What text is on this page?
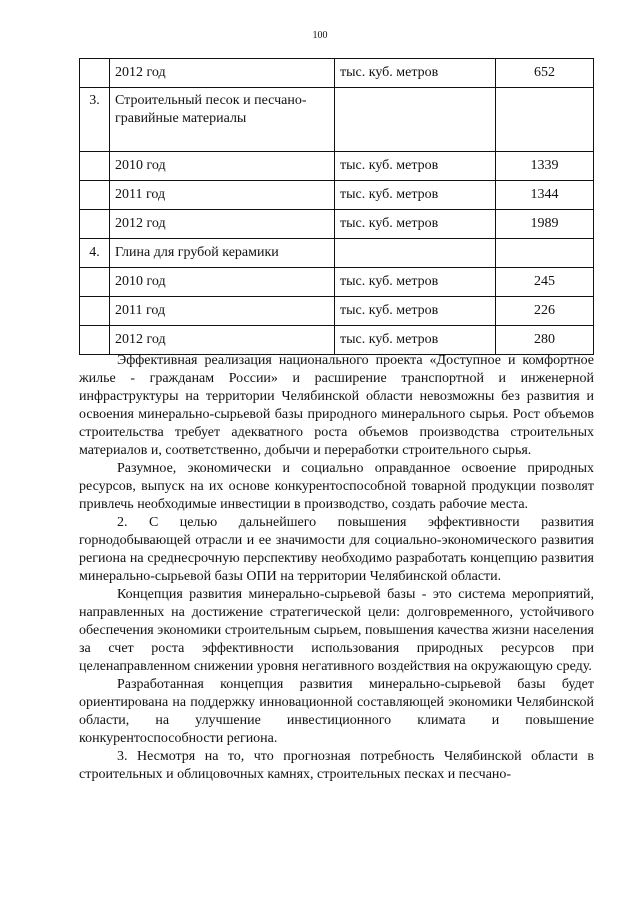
100
	2012 год	тыс. куб. метров	652
3.	Строительный песок и песчано-гравийные материалы		
	2010 год	тыс. куб. метров	1339
	2011 год	тыс. куб. метров	1344
	2012 год	тыс. куб. метров	1989
4.	Глина для грубой керамики		
	2010 год	тыс. куб. метров	245
	2011 год	тыс. куб. метров	226
	2012 год	тыс. куб. метров	280

Эффективная реализация национального проекта «Доступное и комфортное жилье - гражданам России» и расширение транспортной и инженерной инфраструктуры на территории Челябинской области невозможны без развития и освоения минерально-сырьевой базы природного минерального сырья. Рост объемов строительства требует адекватного роста объемов производства строительных материалов и, соответственно, добычи и переработки строительного сырья.

Разумное, экономически и социально оправданное освоение природных ресурсов, выпуск на их основе конкурентоспособной товарной продукции позволят привлечь необходимые инвестиции в производство, создать рабочие места.

2. С целью дальнейшего повышения эффективности развития горнодобывающей отрасли и ее значимости для социально-экономического развития региона на среднесрочную перспективу необходимо разработать концепцию развития минерально-сырьевой базы ОПИ на территории Челябинской области.

Концепция развития минерально-сырьевой базы - это система мероприятий, направленных на достижение стратегической цели: долговременного, устойчивого обеспечения экономики строительным сырьем, повышения качества жизни населения за счет роста эффективности использования природных ресурсов при целенаправленном снижении уровня негативного воздействия на окружающую среду.

Разработанная концепция развития минерально-сырьевой базы будет ориентирована на поддержку инновационной составляющей экономики Челябинской области, на улучшение инвестиционного климата и повышение конкурентоспособности региона.

3. Несмотря на то, что прогнозная потребность Челябинской области в строительных и облицовочных камнях, строительных песках и песчано-
